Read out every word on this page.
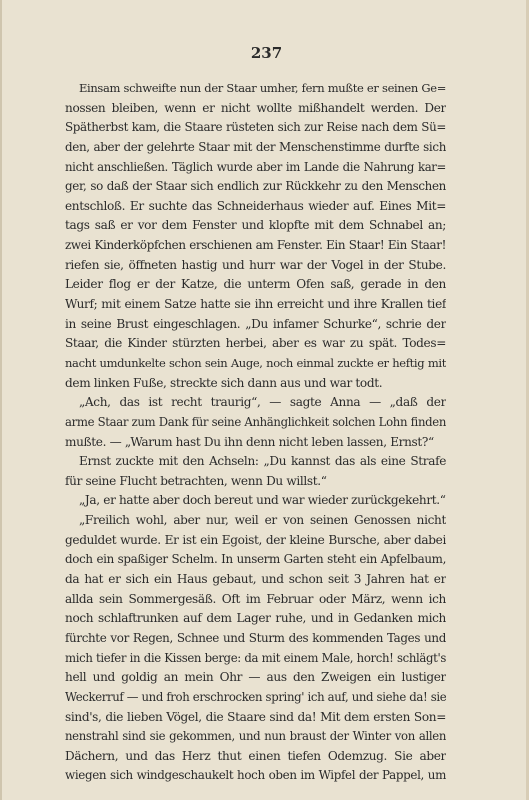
237
Einsam schweifte nun der Staar umher, fern mußte er seinen Ge=
nossen bleiben, wenn er nicht wollte mißhandelt werden. Der
Spätherbst kam, die Staare rüsteten sich zur Reise nach dem Sü=
den, aber der gelehrte Staar mit der Menschenstimme durfte sich
nicht anschließen. Täglich wurde aber im Lande die Nahrung kar=
ger, so daß der Staar sich endlich zur Rückkehr zu den Menschen
entschloß. Er suchte das Schneiderhaus wieder auf. Eines Mit=
tags saß er vor dem Fenster und klopfte mit dem Schnabel an;
zwei Kinderköpfchen erschienen am Fenster. Ein Staar! Ein Staar!
riefen sie, öffneten hastig und hurr war der Vogel in der Stube.
Leider flog er der Katze, die unterm Ofen saß, gerade in den
Wurf; mit einem Satze hatte sie ihn erreicht und ihre Krallen tief
in seine Brust eingeschlagen. „Du infamer Schurke“, schrie der
Staar, die Kinder stürzten herbei, aber es war zu spät. Todes=
nacht umdunkelte schon sein Auge, noch einmal zuckte er heftig mit
dem linken Fuße, streckte sich dann aus und war todt.
„Ach, das ist recht traurig“, — sagte Anna — „daß der
arme Staar zum Dank für seine Anhänglichkeit solchen Lohn finden
mußte. — „Warum hast Du ihn denn nicht leben lassen, Ernst?“
Ernst zuckte mit den Achseln: „Du kannst das als eine Strafe
für seine Flucht betrachten, wenn Du willst.“
„Ja, er hatte aber doch bereut und war wieder zurückgekehrt.“
„Freilich wohl, aber nur, weil er von seinen Genossen nicht
geduldet wurde. Er ist ein Egoist, der kleine Bursche, aber dabei
doch ein spaßiger Schelm. In unserm Garten steht ein Apfelbaum,
da hat er sich ein Haus gebaut, und schon seit 3 Jahren hat er
allda sein Sommergesäß. Oft im Februar oder März, wenn ich
noch schlaftrunken auf dem Lager ruhe, und in Gedanken mich
fürchte vor Regen, Schnee und Sturm des kommenden Tages und
mich tiefer in die Kissen berge: da mit einem Male, horch! schlägt's
hell und goldig an mein Ohr — aus den Zweigen ein lustiger
Weckerruf — und froh erschrocken spring' ich auf, und siehe da! sie
sind's, die lieben Vögel, die Staare sind da! Mit dem ersten Son=
nenstrahl sind sie gekommen, und nun braust der Winter von allen
Dächern, und das Herz thut einen tiefen Odemzug. Sie aber
wiegen sich windgeschaukelt hoch oben im Wipfel der Pappel, um
